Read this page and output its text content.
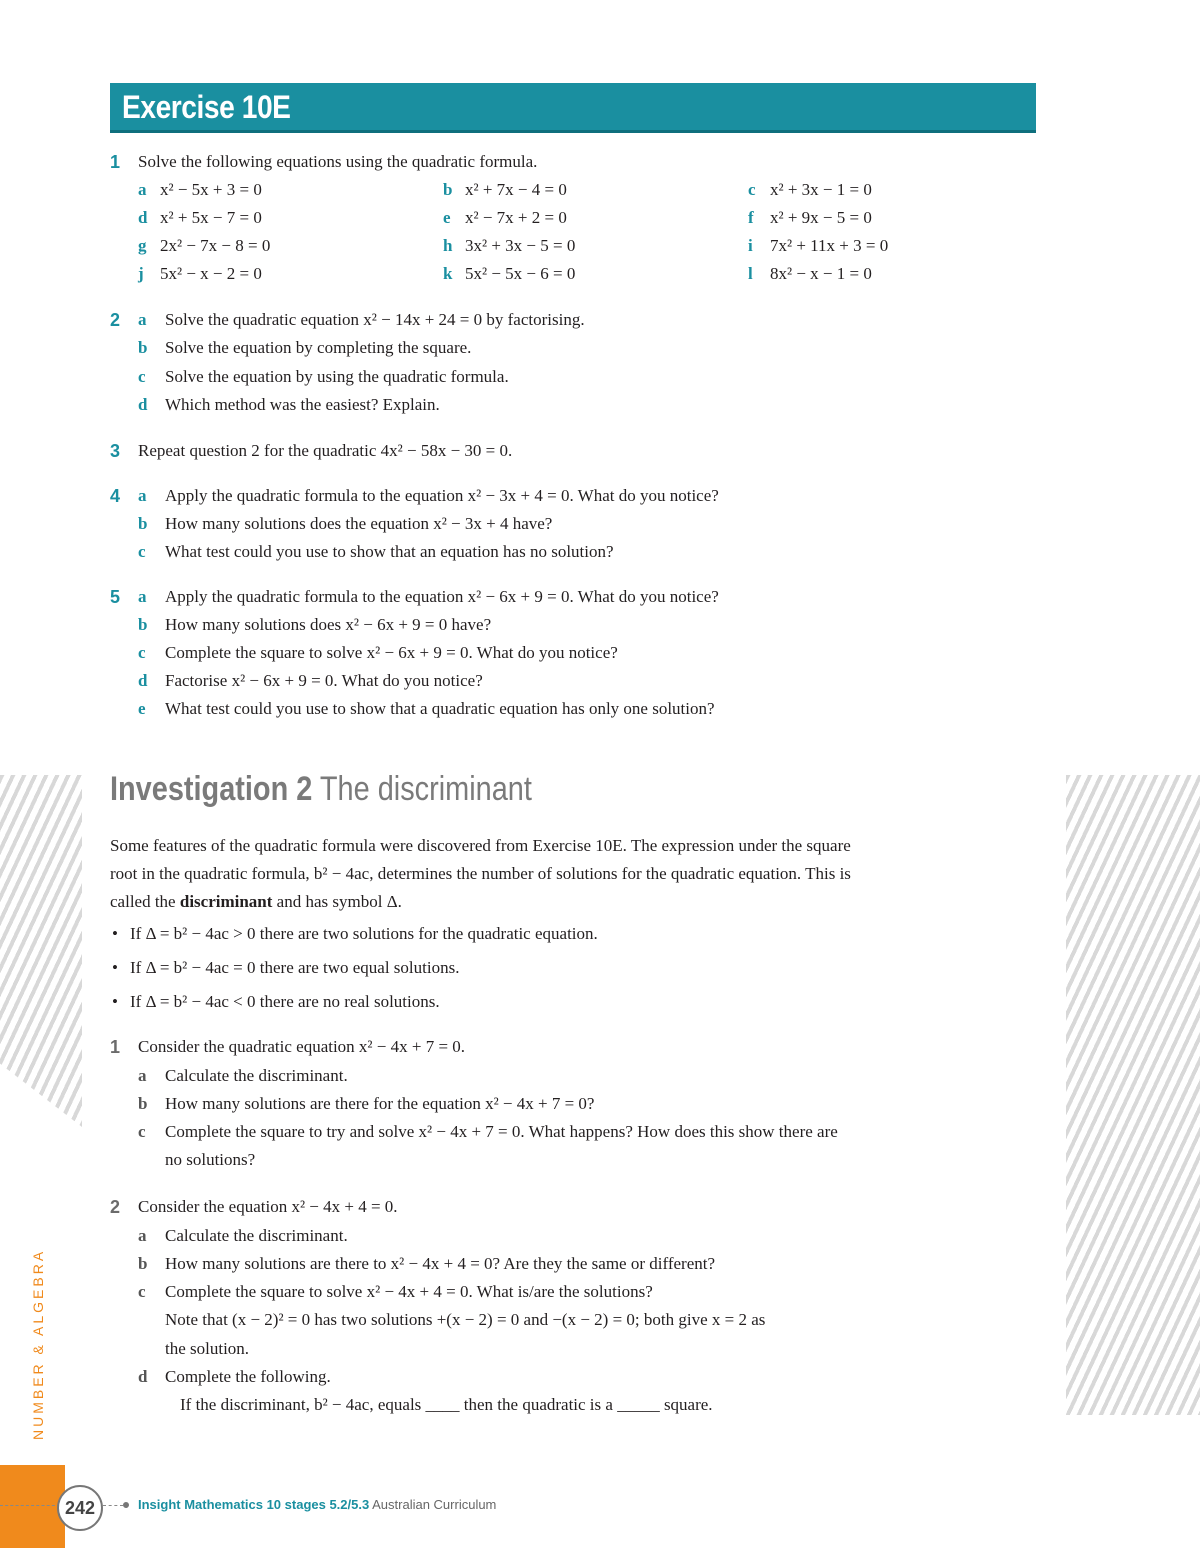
Exercise 10E
1	Solve the following equations using the quadratic formula.
a x² − 5x + 3 = 0	b x² + 7x − 4 = 0	c x² + 3x − 1 = 0
d x² + 5x − 7 = 0	e x² − 7x + 2 = 0	f x² + 9x − 5 = 0
g 2x² − 7x − 8 = 0	h 3x² + 3x − 5 = 0	i 7x² + 11x + 3 = 0
j 5x² − x − 2 = 0	k 5x² − 5x − 6 = 0	l 8x² − x − 1 = 0
2	a	Solve the quadratic equation x² − 14x + 24 = 0 by factorising.
b	Solve the equation by completing the square.
c	Solve the equation by using the quadratic formula.
d	Which method was the easiest? Explain.
3	Repeat question 2 for the quadratic 4x² − 58x − 30 = 0.
4	a	Apply the quadratic formula to the equation x² − 3x + 4 = 0. What do you notice?
b	How many solutions does the equation x² − 3x + 4 have?
c	What test could you use to show that an equation has no solution?
5	a	Apply the quadratic formula to the equation x² − 6x + 9 = 0. What do you notice?
b	How many solutions does x² − 6x + 9 = 0 have?
c	Complete the square to solve x² − 6x + 9 = 0. What do you notice?
d	Factorise x² − 6x + 9 = 0. What do you notice?
e	What test could you use to show that a quadratic equation has only one solution?
Investigation 2 The discriminant
Some features of the quadratic formula were discovered from Exercise 10E. The expression under the square
root in the quadratic formula, b² − 4ac, determines the number of solutions for the quadratic equation. This is
called the discriminant and has symbol Δ.
• If Δ = b² − 4ac > 0 there are two solutions for the quadratic equation.
• If Δ = b² − 4ac = 0 there are two equal solutions.
• If Δ = b² − 4ac < 0 there are no real solutions.
1	Consider the quadratic equation x² − 4x + 7 = 0.
a	Calculate the discriminant.
b	How many solutions are there for the equation x² − 4x + 7 = 0?
c	Complete the square to try and solve x² − 4x + 7 = 0. What happens? How does this show there are
no solutions?
2	Consider the equation x² − 4x + 4 = 0.
a	Calculate the discriminant.
b	How many solutions are there to x² − 4x + 4 = 0? Are they the same or different?
c	Complete the square to solve x² − 4x + 4 = 0. What is/are the solutions?
Note that (x − 2)² = 0 has two solutions +(x − 2) = 0 and −(x − 2) = 0; both give x = 2 as
the solution.
d	Complete the following.
If the discriminant, b² − 4ac, equals ____ then the quadratic is a _____ square.
NUMBER & ALGEBRA
242	Insight Mathematics 10 stages 5.2/5.3 Australian Curriculum
